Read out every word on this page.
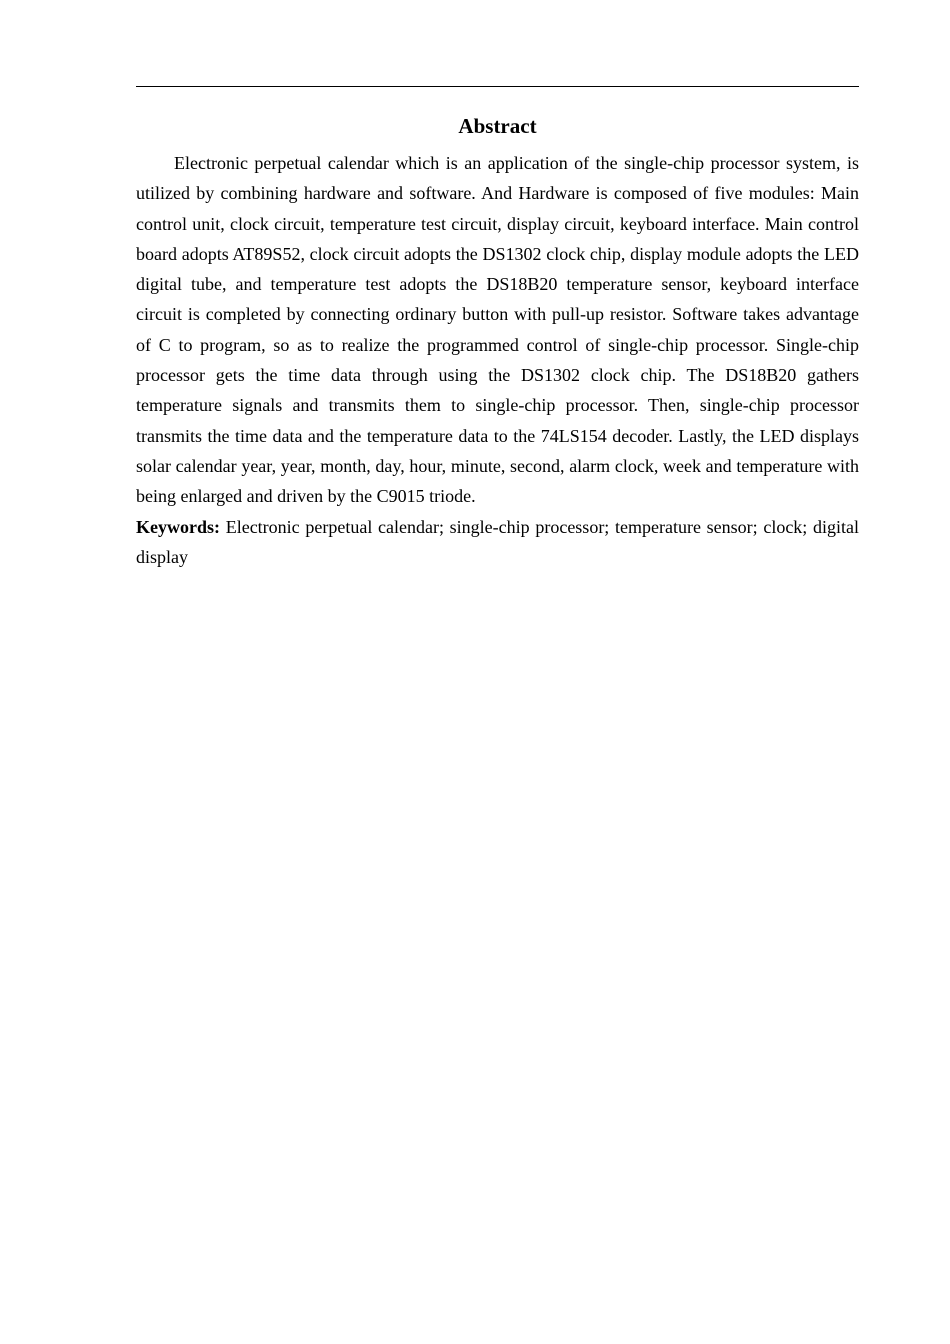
Abstract

Electronic perpetual calendar which is an application of the single-chip processor system, is utilized by combining hardware and software. And Hardware is composed of five modules: Main control unit, clock circuit, temperature test circuit, display circuit, keyboard interface. Main control board adopts AT89S52, clock circuit adopts the DS1302 clock chip, display module adopts the LED digital tube, and temperature test adopts the DS18B20 temperature sensor, keyboard interface circuit is completed by connecting ordinary button with pull-up resistor. Software takes advantage of C to program, so as to realize the programmed control of single-chip processor. Single-chip processor gets the time data through using the DS1302 clock chip. The DS18B20 gathers temperature signals and transmits them to single-chip processor. Then, single-chip processor transmits the time data and the temperature data to the 74LS154 decoder. Lastly, the LED displays solar calendar year, year, month, day, hour, minute, second, alarm clock, week and temperature with being enlarged and driven by the C9015 triode.

Keywords: Electronic perpetual calendar; single-chip processor; temperature sensor; clock; digital display
